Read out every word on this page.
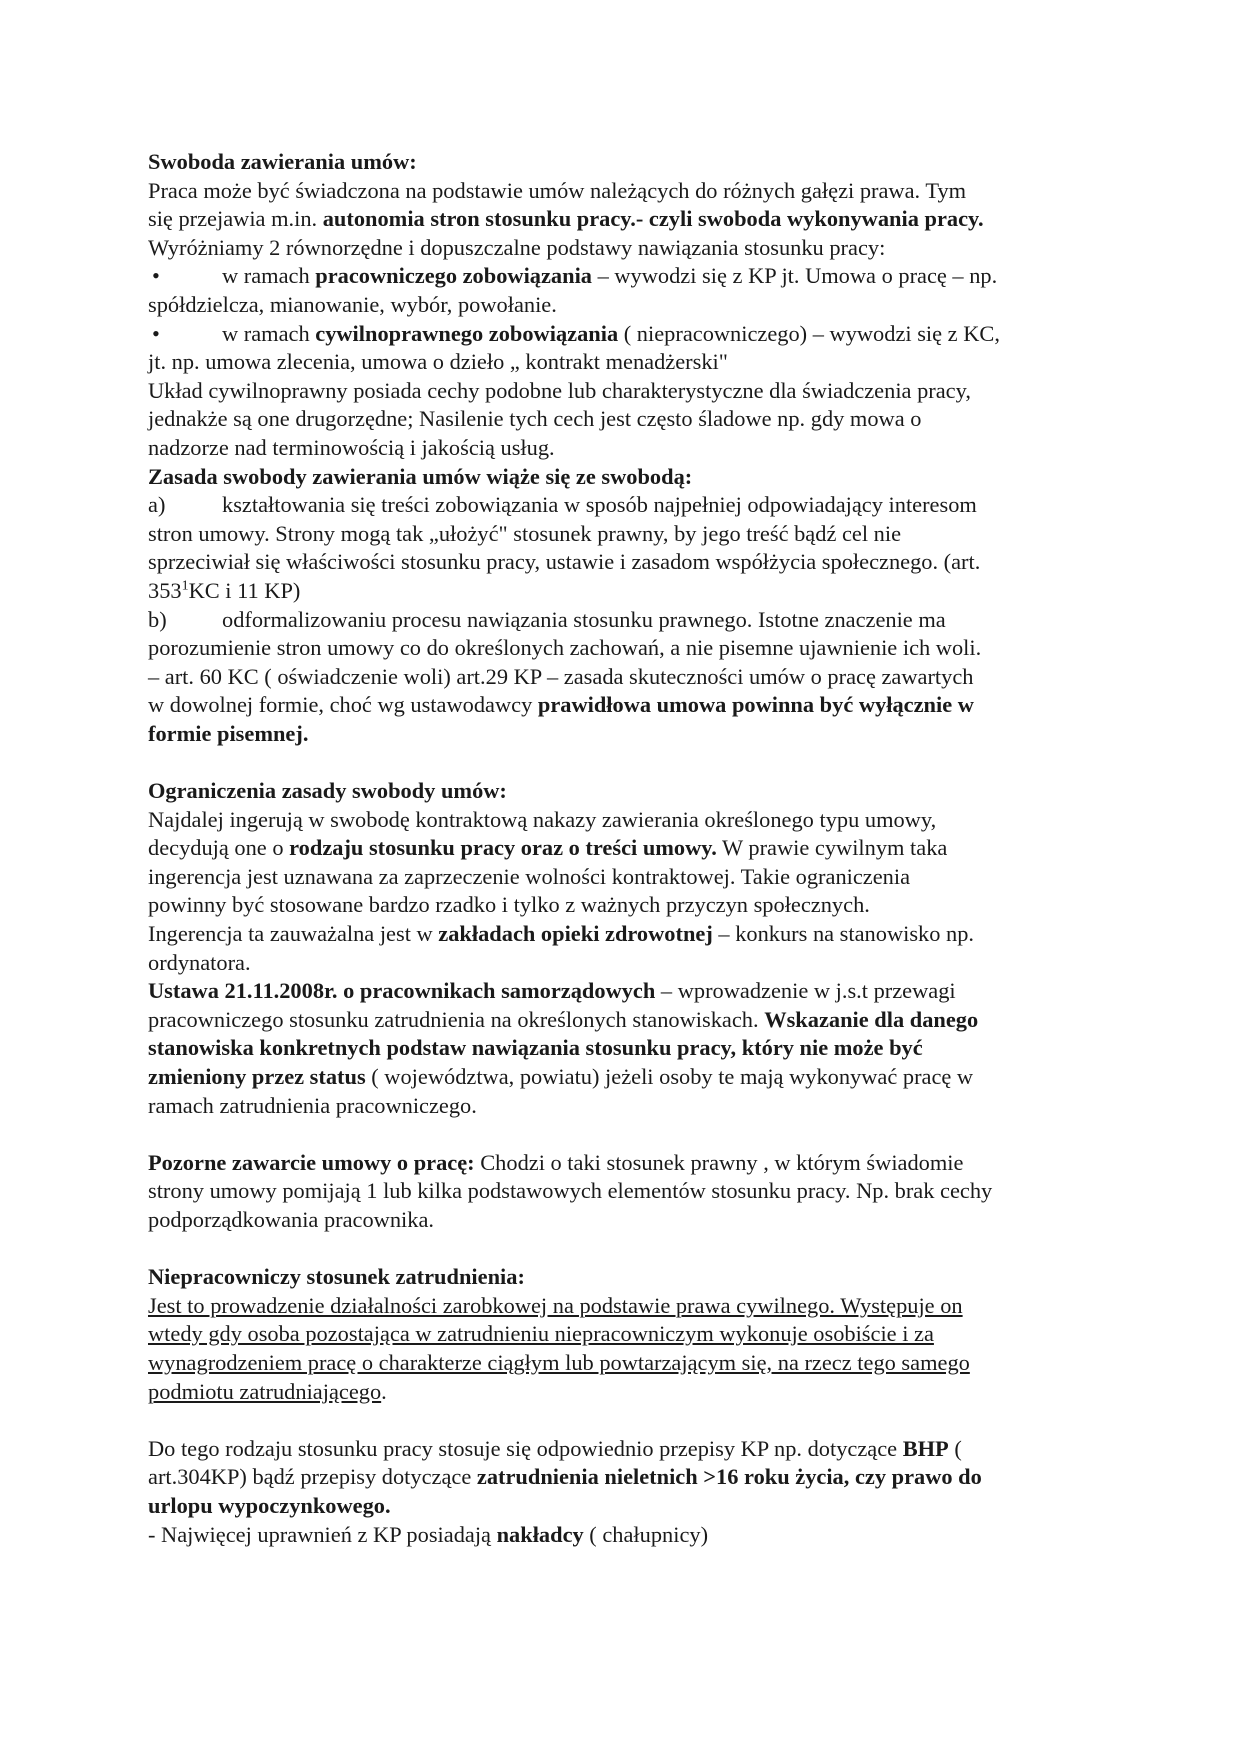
Swoboda zawierania umów:
Praca może być świadczona na podstawie umów należących do różnych gałęzi prawa. Tym
się przejawia m.in. autonomia stron stosunku pracy.- czyli swoboda wykonywania pracy.
Wyróżniamy 2 równorzędne i dopuszczalne podstawy nawiązania stosunku pracy:
•	w ramach pracowniczego zobowiązania – wywodzi się z KP jt. Umowa o pracę – np.
spółdzielcza, mianowanie, wybór, powołanie.
•	w ramach cywilnoprawnego zobowiązania ( niepracowniczego) – wywodzi się z KC,
jt. np. umowa zlecenia, umowa o dzieło „ kontrakt menadżerski"
Układ cywilnoprawny posiada cechy podobne lub charakterystyczne dla świadczenia pracy,
jednakże są one drugorzędne; Nasilenie tych cech jest często śladowe np. gdy mowa o
nadzorze nad terminowością i jakością usług.
Zasada swobody zawierania umów wiąże się ze swobodą:
a)	kształtowania się treści zobowiązania w sposób najpełniej odpowiadający interesom
stron umowy. Strony mogą tak „ułożyć" stosunek prawny, by jego treść bądź cel nie
sprzeciwiał się właściwości stosunku pracy, ustawie i zasadom współżycia społecznego. (art.
$353^1KC$ i 11 KP)
b) odformalizowaniu procesu nawiązania stosunku prawnego. Istotne znaczenie ma
porozumienie stron umowy co do określonych zachowań, a nie pisemne ujawnienie ich woli.
– art. 60 KC ( oświadczenie woli) art.29 KP – zasada skuteczności umów o pracę zawartych
w dowolnej formie, choć wg ustawodawcy prawidłowa umowa powinna być wyłącznie w
formie pisemnej.
Ograniczenia zasady swobody umów:
Najdalej ingerują w swobodę kontraktową nakazy zawierania określonego typu umowy,
decydują one o rodzaju stosunku pracy oraz o treści umowy. W prawie cywilnym taka
ingerencja jest uznawana za zaprzeczenie wolności kontraktowej. Takie ograniczenia
powinny być stosowane bardzo rzadko i tylko z ważnych przyczyn społecznych.
Ingerencja ta zauważalna jest w zakładach opieki zdrowotnej – konkurs na stanowisko np.
ordynatora.
Ustawa 21.11.2008r. o pracownikach samorządowych – wprowadzenie w j.s.t przewagi
pracowniczego stosunku zatrudnienia na określonych stanowiskach. Wskazanie dla danego
stanowiska konkretnych podstaw nawiązania stosunku pracy, który nie może być
zmieniony przez status ( województwa, powiatu) jeżeli osoby te mają wykonywać pracę w
ramach zatrudnienia pracowniczego.
Pozorne zawarcie umowy o pracę: Chodzi o taki stosunek prawny , w którym świadomie
strony umowy pomijają 1 lub kilka podstawowych elementów stosunku pracy. Np. brak cechy
podporządkowania pracownika.
Niepracowniczy stosunek zatrudnienia:
Jest to prowadzenie działalności zarobkowej na podstawie prawa cywilnego. Występuje on
wtedy gdy osoba pozostająca w zatrudnieniu niepracowniczym wykonuje osobiście i za
wynagrodzeniem pracę o charakterze ciągłym lub powtarzającym się, na rzecz tego samego
podmiotu zatrudniającego.
Do tego rodzaju stosunku pracy stosuje się odpowiednio przepisy KP np. dotyczące BHP (
art.304KP) bądź przepisy dotyczące zatrudnienia nieletnich >16 roku życia, czy prawo do
urlopu wypoczynkowego.
- Najwięcej uprawnień z KP posiadają nakładcy ( chałupnicy)
